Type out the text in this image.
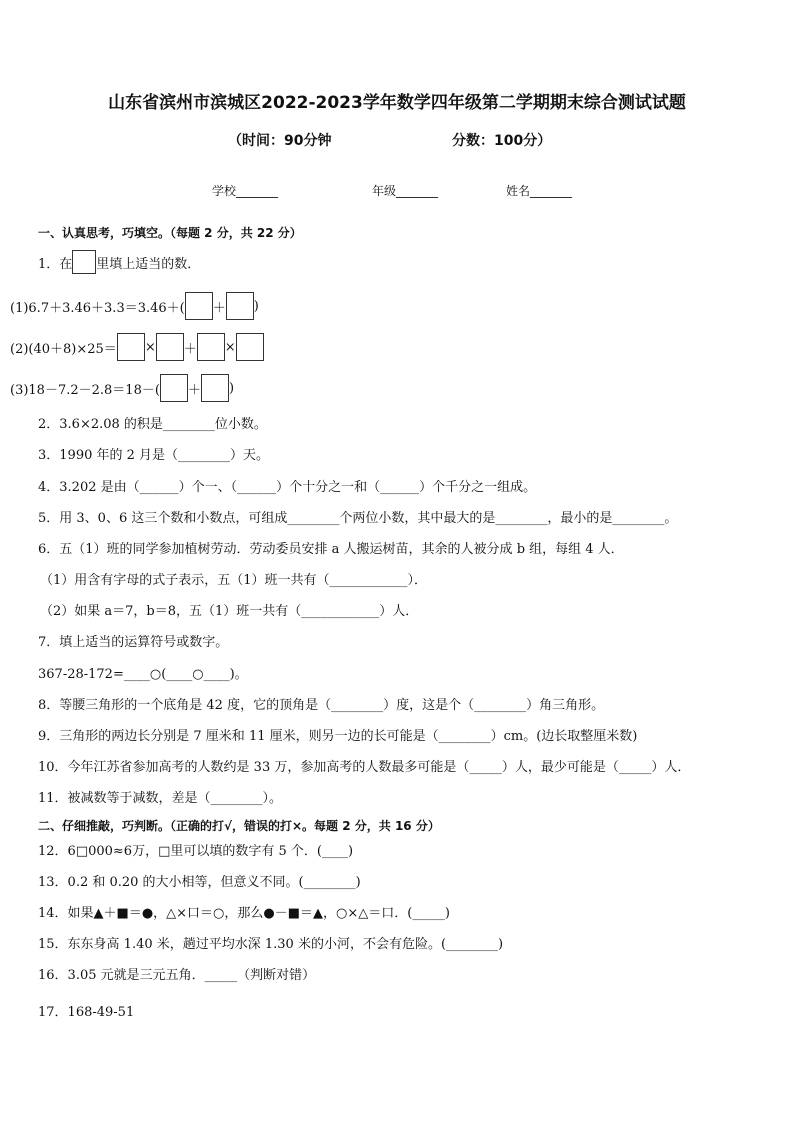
山东省滨州市滨城区2022-2023学年数学四年级第二学期期末综合测试试题
（时间：90分钟	分数：100分）
学校_______	年级_______	姓名_______
一、认真思考，巧填空。（每题 2 分，共 22 分）
1．在 里填上适当的数．
(1)6.7＋3.46＋3.3＝3.46＋( ＋ )
(2)(40＋8)×25＝ × ＋ ×
(3)18－7.2－2.8＝18－( ＋ )
2．3.6×2.08 的积是________位小数。
3．1990 年的 2 月是（________）天。
4．3.202 是由（______）个一、（______）个十分之一和（______）个千分之一组成。
5．用 3、0、6 这三个数和小数点，可组成________个两位小数，其中最大的是________，最小的是________。
6．五（1）班的同学参加植树劳动．劳动委员安排 a 人搬运树苗，其余的人被分成 b 组，每组 4 人．
（1）用含有字母的式子表示，五（1）班一共有（____________）．
（2）如果 a＝7，b＝8，五（1）班一共有（____________）人．
7．填上适当的运算符号或数字。
367-28-172=____○(____○____)。
8．等腰三角形的一个底角是 42 度，它的顶角是（________）度，这是个（________）角三角形。
9．三角形的两边长分别是 7 厘米和 11 厘米，则另一边的长可能是（________）cm。(边长取整厘米数)
10．今年江苏省参加高考的人数约是 33 万，参加高考的人数最多可能是（_____）人，最少可能是（_____）人．
11．被减数等于减数，差是（________）。
二、仔细推敲，巧判断。（正确的打√，错误的打×。每题 2 分，共 16 分）
12．6□000≈6万，□里可以填的数字有 5 个．(____)
13．0.2 和 0.20 的大小相等，但意义不同。(________)
14．如果▲＋■＝●，△×口＝○，那么●－■＝▲，○×△＝口．(_____)
15．东东身高 1.40 米，趟过平均水深 1.30 米的小河，不会有危险。(________)
16．3.05 元就是三元五角．_____（判断对错）
17．168-49-51
